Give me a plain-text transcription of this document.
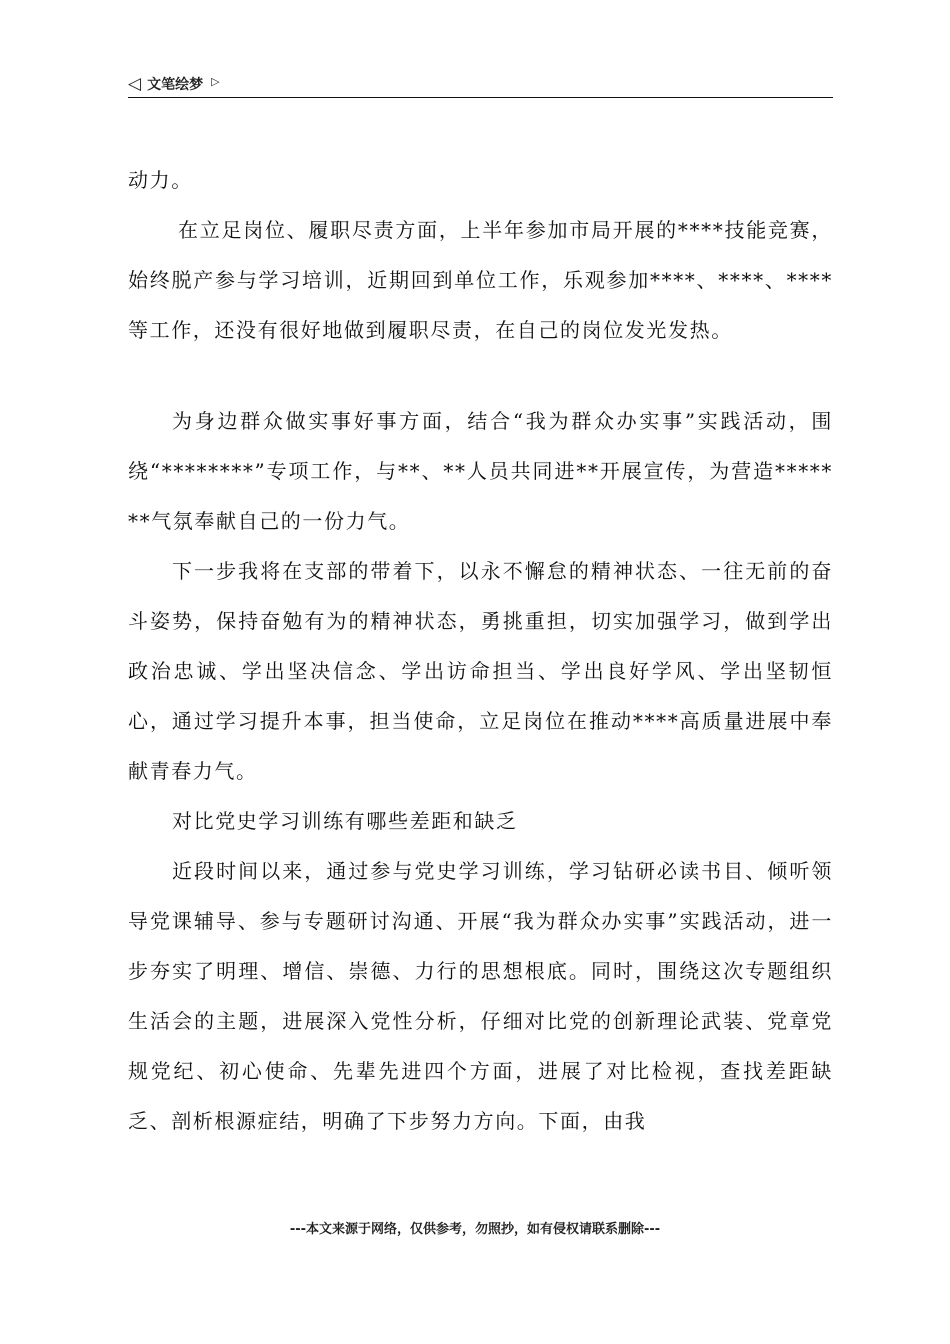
◁ 文笔绘梦 ▷

动力。

在立足岗位、履职尽责方面，上半年参加市局开展的****技能竞赛，始终脱产参与学习培训，近期回到单位工作，乐观参加****、****、****等工作，还没有很好地做到履职尽责，在自己的岗位发光发热。

为身边群众做实事好事方面，结合“我为群众办实事”实践活动，围绕“********”专项工作，与**、**人员共同进**开展宣传，为营造*******气氛奉献自己的一份力气。

下一步我将在支部的带着下，以永不懈怠的精神状态、一往无前的奋斗姿势，保持奋勉有为的精神状态，勇挑重担，切实加强学习，做到学出政治忠诚、学出坚决信念、学出访命担当、学出良好学风、学出坚韧恒心，通过学习提升本事，担当使命，立足岗位在推动****高质量进展中奉献青春力气。

对比党史学习训练有哪些差距和缺乏

近段时间以来，通过参与党史学习训练，学习钻研必读书目、倾听领导党课辅导、参与专题研讨沟通、开展“我为群众办实事”实践活动，进一步夯实了明理、增信、崇德、力行的思想根底。同时，围绕这次专题组织生活会的主题，进展深入党性分析，仔细对比党的创新理论武装、党章党规党纪、初心使命、先辈先进四个方面，进展了对比检视，查找差距缺乏、剖析根源症结，明确了下步努力方向。下面，由我

---本文来源于网络，仅供参考，勿照抄，如有侵权请联系删除---
